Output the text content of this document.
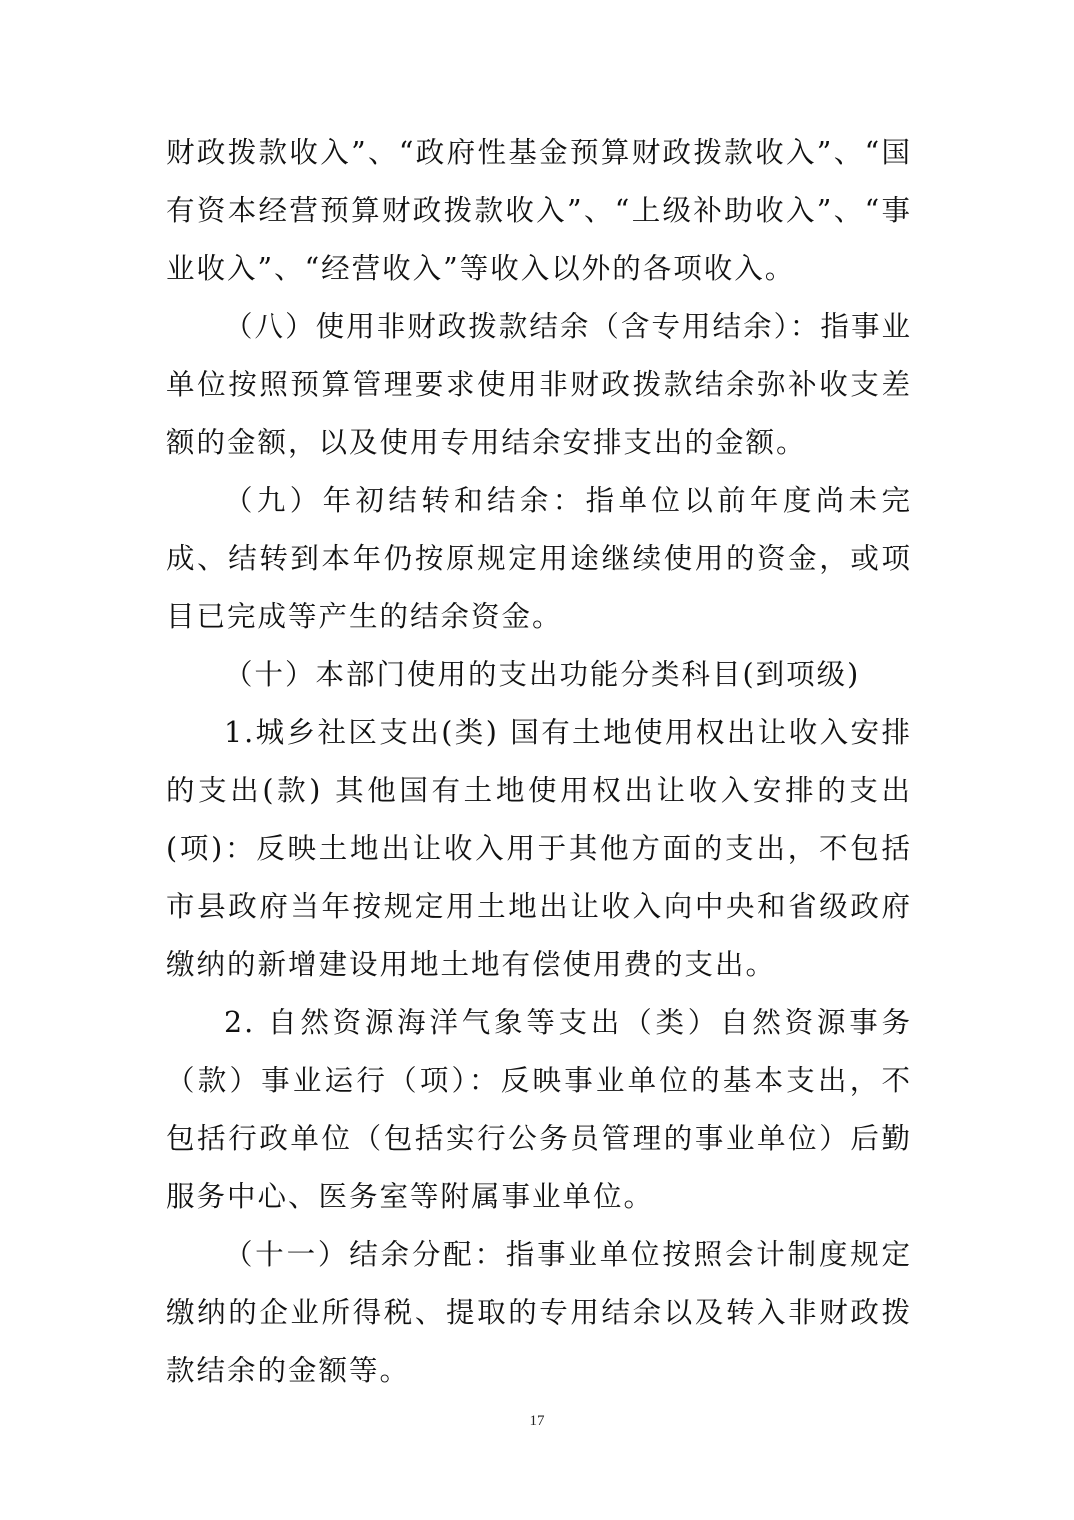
财政拨款收入”、“政府性基金预算财政拨款收入”、“国有资本经营预算财政拨款收入”、“上级补助收入”、“事业收入”、“经营收入”等收入以外的各项收入。

（八）使用非财政拨款结余（含专用结余）：指事业单位按照预算管理要求使用非财政拨款结余弥补收支差额的金额，以及使用专用结余安排支出的金额。

（九）年初结转和结余：指单位以前年度尚未完成、结转到本年仍按原规定用途继续使用的资金，或项目已完成等产生的结余资金。

（十）本部门使用的支出功能分类科目(到项级)

1.城乡社区支出(类) 国有土地使用权出让收入安排的支出(款) 其他国有土地使用权出让收入安排的支出(项)：反映土地出让收入用于其他方面的支出，不包括市县政府当年按规定用土地出让收入向中央和省级政府缴纳的新增建设用地土地有偿使用费的支出。

2. 自然资源海洋气象等支出（类）自然资源事务（款）事业运行（项）：反映事业单位的基本支出，不包括行政单位（包括实行公务员管理的事业单位）后勤服务中心、医务室等附属事业单位。

（十一）结余分配：指事业单位按照会计制度规定缴纳的企业所得税、提取的专用结余以及转入非财政拨款结余的金额等。

17
